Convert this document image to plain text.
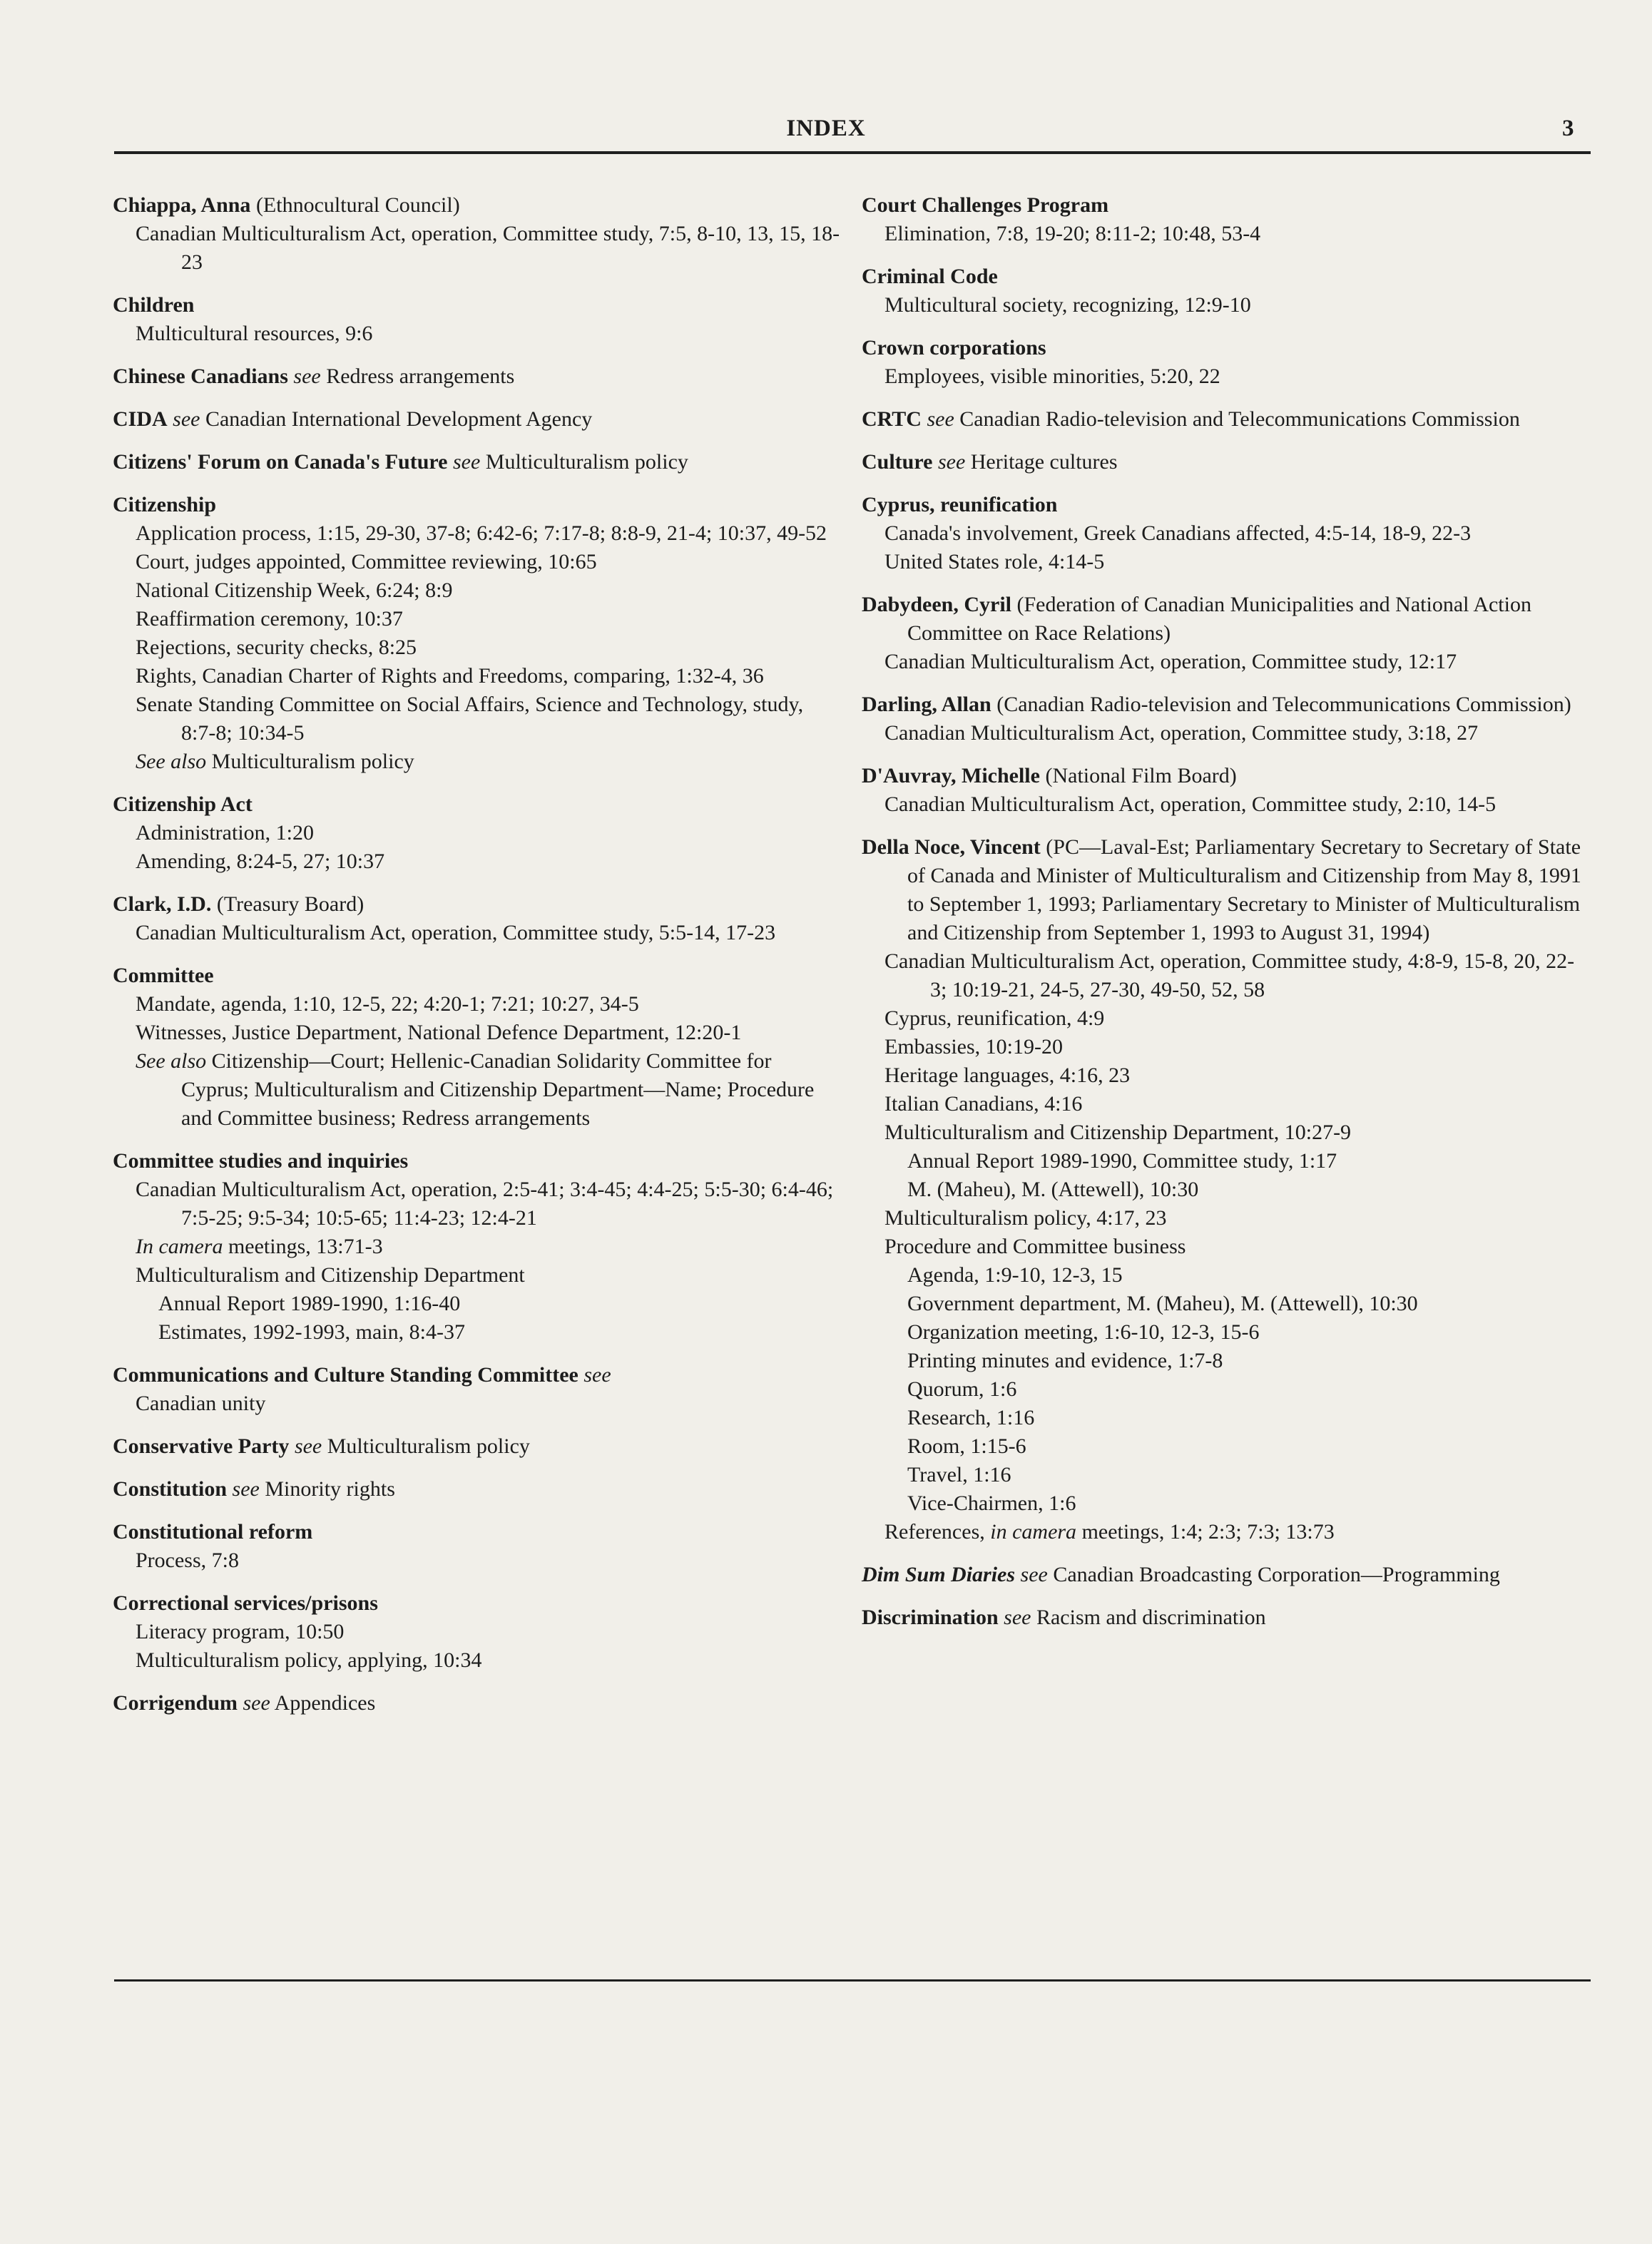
INDEX	3
Chiappa, Anna (Ethnocultural Council)
Canadian Multiculturalism Act, operation, Committee study, 7:5, 8-10, 13, 15, 18-23
Children
Multicultural resources, 9:6
Chinese Canadians see Redress arrangements
CIDA see Canadian International Development Agency
Citizens' Forum on Canada's Future see Multiculturalism policy
Citizenship
Application process, 1:15, 29-30, 37-8; 6:42-6; 7:17-8; 8:8-9, 21-4; 10:37, 49-52
Court, judges appointed, Committee reviewing, 10:65
National Citizenship Week, 6:24; 8:9
Reaffirmation ceremony, 10:37
Rejections, security checks, 8:25
Rights, Canadian Charter of Rights and Freedoms, comparing, 1:32-4, 36
Senate Standing Committee on Social Affairs, Science and Technology, study, 8:7-8; 10:34-5
See also Multiculturalism policy
Citizenship Act
Administration, 1:20
Amending, 8:24-5, 27; 10:37
Clark, I.D. (Treasury Board)
Canadian Multiculturalism Act, operation, Committee study, 5:5-14, 17-23
Committee
Mandate, agenda, 1:10, 12-5, 22; 4:20-1; 7:21; 10:27, 34-5
Witnesses, Justice Department, National Defence Department, 12:20-1
See also Citizenship—Court; Hellenic-Canadian Solidarity Committee for Cyprus; Multiculturalism and Citizenship Department—Name; Procedure and Committee business; Redress arrangements
Committee studies and inquiries
Canadian Multiculturalism Act, operation, 2:5-41; 3:4-45; 4:4-25; 5:5-30; 6:4-46; 7:5-25; 9:5-34; 10:5-65; 11:4-23; 12:4-21
In camera meetings, 13:71-3
Multiculturalism and Citizenship Department
Annual Report 1989-1990, 1:16-40
Estimates, 1992-1993, main, 8:4-37
Communications and Culture Standing Committee see
Canadian unity
Conservative Party see Multiculturalism policy
Constitution see Minority rights
Constitutional reform
Process, 7:8
Correctional services/prisons
Literacy program, 10:50
Multiculturalism policy, applying, 10:34
Corrigendum see Appendices
Court Challenges Program
Elimination, 7:8, 19-20; 8:11-2; 10:48, 53-4
Criminal Code
Multicultural society, recognizing, 12:9-10
Crown corporations
Employees, visible minorities, 5:20, 22
CRTC see Canadian Radio-television and Telecommunications Commission
Culture see Heritage cultures
Cyprus, reunification
Canada's involvement, Greek Canadians affected, 4:5-14, 18-9, 22-3
United States role, 4:14-5
Dabydeen, Cyril (Federation of Canadian Municipalities and National Action Committee on Race Relations)
Canadian Multiculturalism Act, operation, Committee study, 12:17
Darling, Allan (Canadian Radio-television and Telecommunications Commission)
Canadian Multiculturalism Act, operation, Committee study, 3:18, 27
D'Auvray, Michelle (National Film Board)
Canadian Multiculturalism Act, operation, Committee study, 2:10, 14-5
Della Noce, Vincent (PC—Laval-Est; Parliamentary Secretary to Secretary of State of Canada and Minister of Multiculturalism and Citizenship from May 8, 1991 to September 1, 1993; Parliamentary Secretary to Minister of Multiculturalism and Citizenship from September 1, 1993 to August 31, 1994)
Canadian Multiculturalism Act, operation, Committee study, 4:8-9, 15-8, 20, 22-3; 10:19-21, 24-5, 27-30, 49-50, 52, 58
Cyprus, reunification, 4:9
Embassies, 10:19-20
Heritage languages, 4:16, 23
Italian Canadians, 4:16
Multiculturalism and Citizenship Department, 10:27-9
Annual Report 1989-1990, Committee study, 1:17
M. (Maheu), M. (Attewell), 10:30
Multiculturalism policy, 4:17, 23
Procedure and Committee business
Agenda, 1:9-10, 12-3, 15
Government department, M. (Maheu), M. (Attewell), 10:30
Organization meeting, 1:6-10, 12-3, 15-6
Printing minutes and evidence, 1:7-8
Quorum, 1:6
Research, 1:16
Room, 1:15-6
Travel, 1:16
Vice-Chairmen, 1:6
References, in camera meetings, 1:4; 2:3; 7:3; 13:73
Dim Sum Diaries see Canadian Broadcasting Corporation—Programming
Discrimination see Racism and discrimination
